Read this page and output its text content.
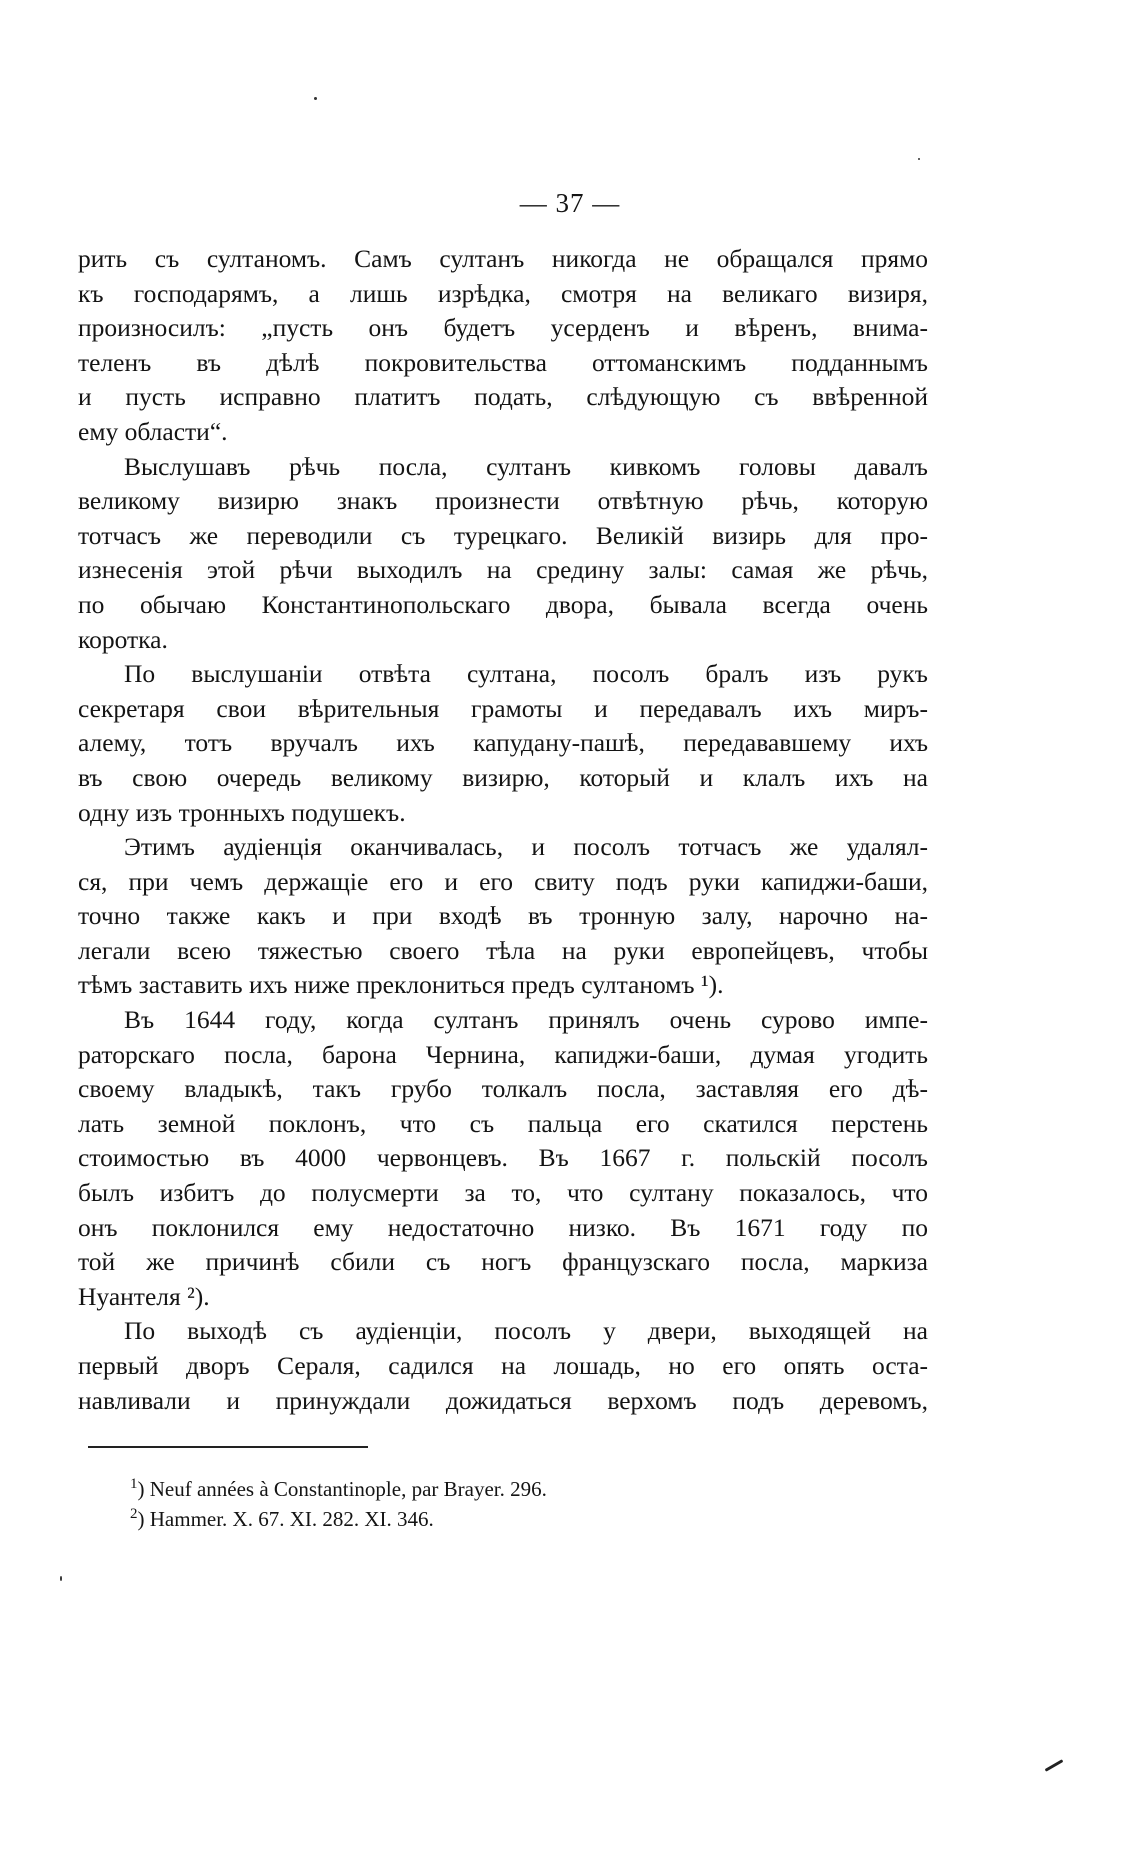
— 37 —
рить съ султаномъ. Самъ султанъ никогда не обращался прямо
къ господарямъ, а лишь изрѣдка, смотря на великаго визиря,
произносилъ: „пусть онъ будетъ усерденъ и вѣренъ, внима-
теленъ въ дѣлѣ покровительства оттоманскимъ подданнымъ
и пусть исправно платитъ подать, слѣдующую съ ввѣренной
ему области“.
Выслушавъ рѣчь посла, султанъ кивкомъ головы давалъ
великому визирю знакъ произнести отвѣтную рѣчь, которую
тотчасъ же переводили съ турецкаго. Великій визирь для про-
изнесенія этой рѣчи выходилъ на средину залы: самая же рѣчь,
по обычаю Константинопольскаго двора, бывала всегда очень
коротка.
По выслушаніи отвѣта султана, посолъ бралъ изъ рукъ
секретаря свои вѣрительныя грамоты и передавалъ ихъ миръ-
алему, тотъ вручалъ ихъ капудану-пашѣ, передававшему ихъ
въ свою очередь великому визирю, который и клалъ ихъ на
одну изъ тронныхъ подушекъ.
Этимъ аудіенція оканчивалась, и посолъ тотчасъ же удалял-
ся, при чемъ держащіе его и его свиту подъ руки капиджи-баши,
точно также какъ и при входѣ въ тронную залу, нарочно на-
легали всею тяжестью своего тѣла на руки европейцевъ, чтобы
тѣмъ заставить ихъ ниже преклониться предъ султаномъ ¹).
Въ 1644 году, когда султанъ принялъ очень сурово импе-
раторскаго посла, барона Чернина, капиджи-баши, думая угодить
своему владыкѣ, такъ грубо толкалъ посла, заставляя его дѣ-
лать земной поклонъ, что съ пальца его скатился перстень
стоимостью въ 4000 червонцевъ. Въ 1667 г. польскій посолъ
былъ избитъ до полусмерти за то, что султану показалось, что
онъ поклонился ему недостаточно низко. Въ 1671 году по
той же причинѣ сбили съ ногъ французскаго посла, маркиза
Нуантеля ²).
По выходѣ съ аудіенціи, посолъ у двери, выходящей на
первый дворъ Сераля, садился на лошадь, но его опять оста-
навливали и принуждали дожидаться верхомъ подъ деревомъ,
$^1$) Neuf années à Constantinople, par Brayer. 296.
$^2$) Hammer. X. 67. XI. 282. XI. 346.
